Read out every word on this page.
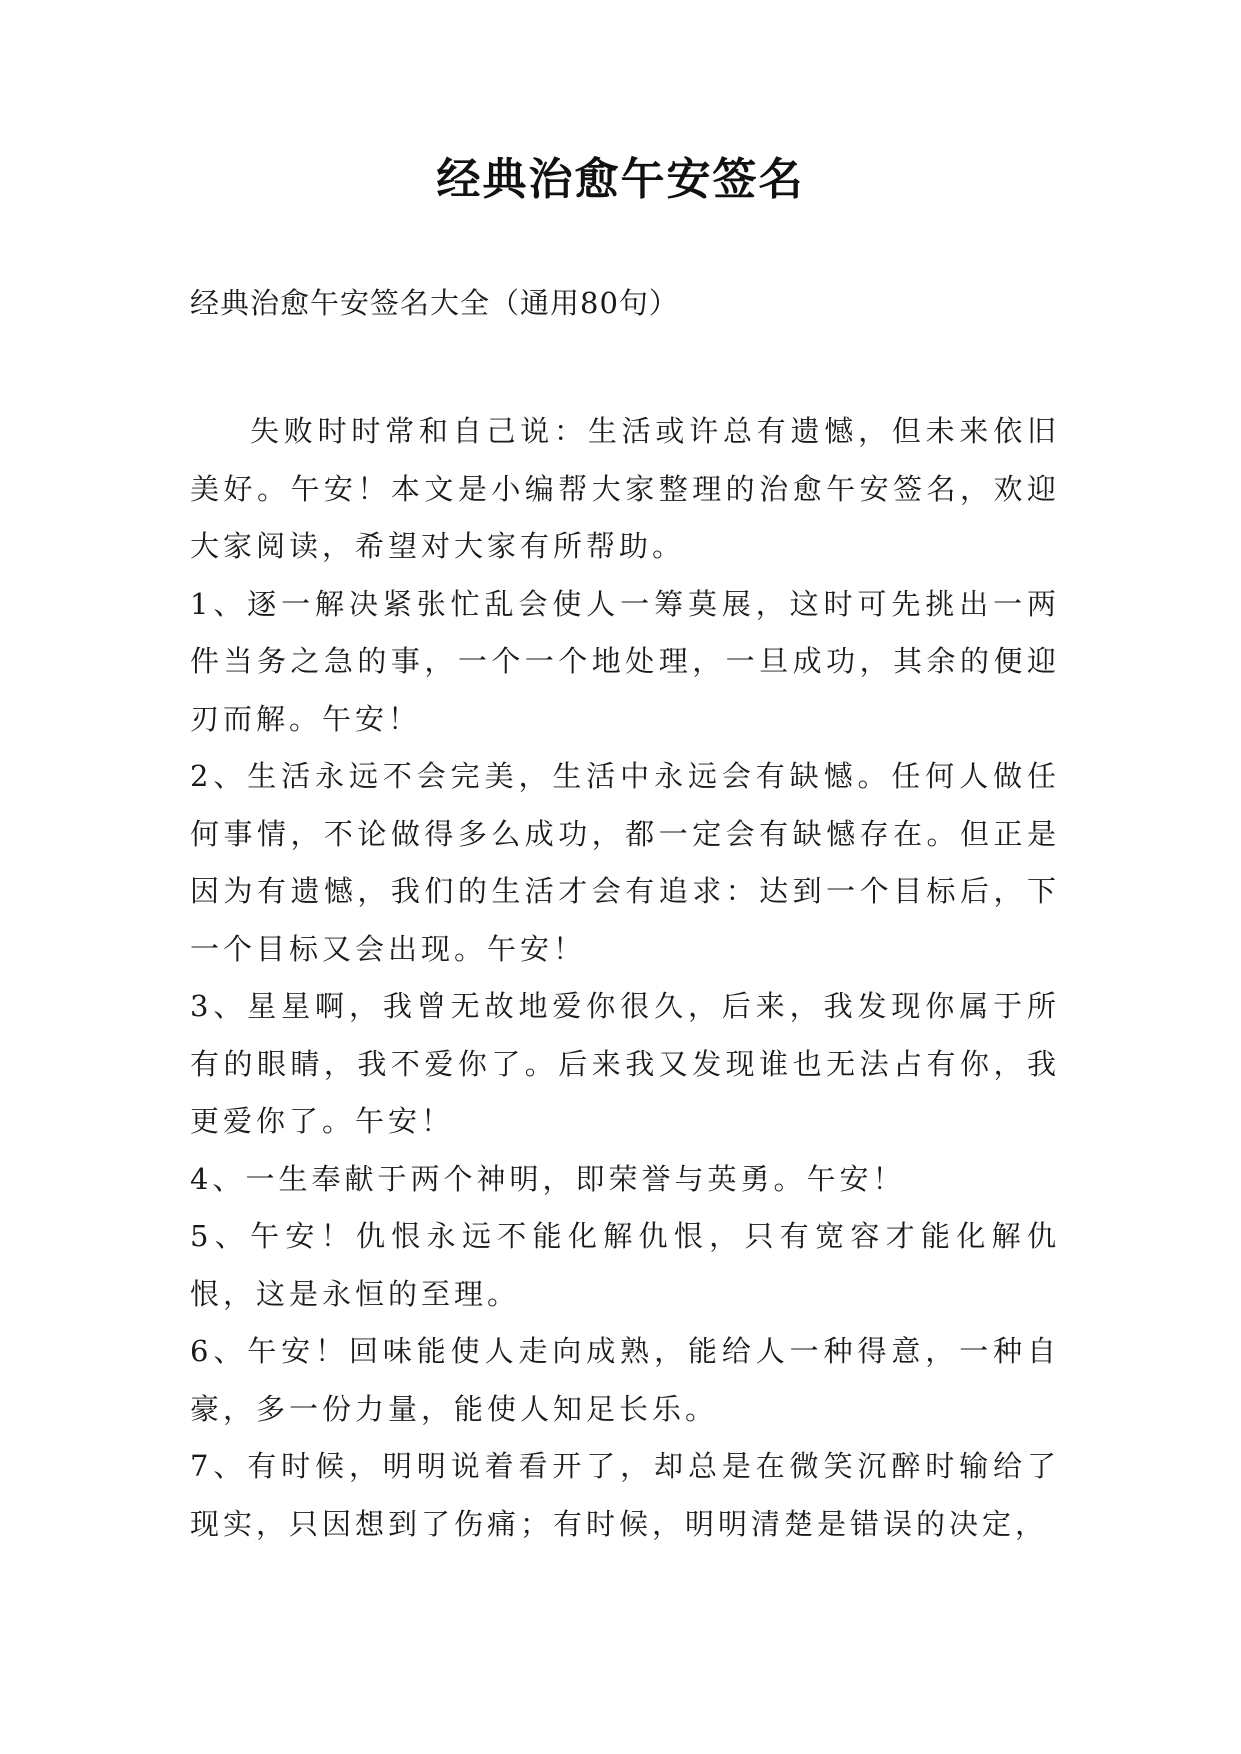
经典治愈午安签名

经典治愈午安签名大全（通用80句）

失败时时常和自己说：生活或许总有遗憾，但未来依旧美好。午安！本文是小编帮大家整理的治愈午安签名，欢迎大家阅读，希望对大家有所帮助。

1、逐一解决紧张忙乱会使人一筹莫展，这时可先挑出一两件当务之急的事，一个一个地处理，一旦成功，其余的便迎刃而解。午安！

2、生活永远不会完美，生活中永远会有缺憾。任何人做任何事情，不论做得多么成功，都一定会有缺憾存在。但正是因为有遗憾，我们的生活才会有追求：达到一个目标后，下一个目标又会出现。午安！

3、星星啊，我曾无故地爱你很久，后来，我发现你属于所有的眼睛，我不爱你了。后来我又发现谁也无法占有你，我更爱你了。午安！

4、一生奉献于两个神明，即荣誉与英勇。午安！

5、午安！仇恨永远不能化解仇恨，只有宽容才能化解仇恨，这是永恒的至理。

6、午安！回味能使人走向成熟，能给人一种得意，一种自豪，多一份力量，能使人知足长乐。

7、有时候，明明说着看开了，却总是在微笑沉醉时输给了现实，只因想到了伤痛；有时候，明明清楚是错误的决定，
